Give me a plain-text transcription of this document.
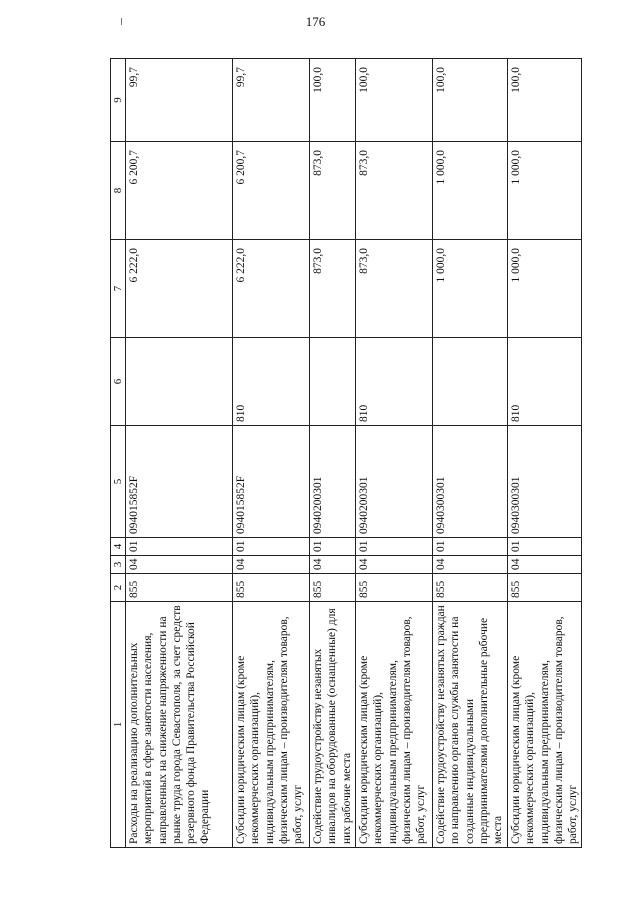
176
1	2	3	4	5	6	7	8	9
Расходы на реализацию дополнительных мероприятий в сфере занятости населения, направленных на снижение напряженности на рынке труда города Севастополя, за счет средств резервного фонда Правительства Российской Федерации	855	04	01	094015852F		6 222,0	6 200,7	99,7
Субсидии юридическим лицам (кроме некоммерческих организаций), индивидуальным предпринимателям, физическим лицам – производителям товаров, работ, услуг	855	04	01	094015852F	810	6 222,0	6 200,7	99,7
Содействие трудоустройству незанятых инвалидов на оборудованные (оснащенные) для них рабочие места	855	04	01	0940200301		873,0	873,0	100,0
Субсидии юридическим лицам (кроме некоммерческих организаций), индивидуальным предпринимателям, физическим лицам – производителям товаров, работ, услуг	855	04	01	0940200301	810	873,0	873,0	100,0
Содействие трудоустройству незанятых граждан по направлению органов службы занятости на созданные индивидуальными предпринимателями дополнительные рабочие места	855	04	01	0940300301		1 000,0	1 000,0	100,0
Субсидии юридическим лицам (кроме некоммерческих организаций), индивидуальным предпринимателям, физическим лицам – производителям товаров, работ, услуг	855	04	01	0940300301	810	1 000,0	1 000,0	100,0
